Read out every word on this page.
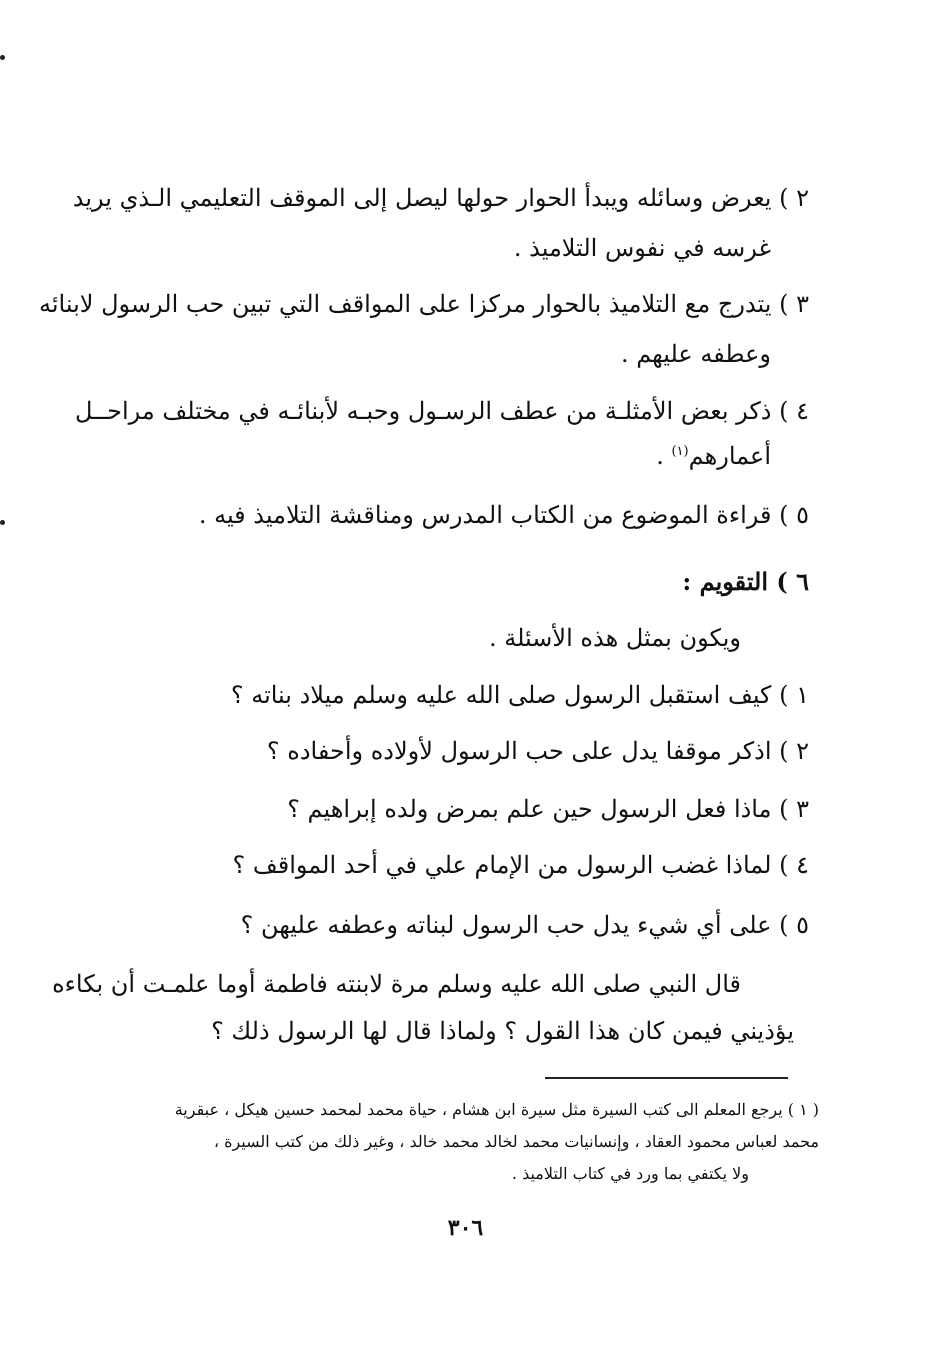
٢ ) يعرض وسائله ويبدأ الحوار حولها ليصل إلى الموقف التعليمي الـذي يريد
غرسه في نفوس التلاميذ .
٣ ) يتدرج مع التلاميذ بالحوار مركزا على المواقف التي تبين حب الرسول لابنائه
وعطفه عليهم .
٤ ) ذكر بعض الأمثلـة من عطف الرسـول وحبـه لأبنائـه في مختلف مراحــل
أعمارهم$^{(١)}$ .
٥ ) قراءة الموضوع من الكتاب المدرس ومناقشة التلاميذ فيه .
٦ ) التقويم :
ويكون بمثل هذه الأسئلة .
١ ) كيف استقبل الرسول صلى الله عليه وسلم ميلاد بناته ؟
٢ ) اذكر موقفا يدل على حب الرسول لأولاده وأحفاده ؟
٣ ) ماذا فعل الرسول حين علم بمرض ولده إبراهيم ؟
٤ ) لماذا غضب الرسول من الإمام علي في أحد المواقف ؟
٥ ) على أي شيء يدل حب الرسول لبناته وعطفه عليهن ؟
قال النبي صلى الله عليه وسلم مرة لابنته فاطمة أوما علمـت أن بكاءه
يؤذيني فيمن كان هذا القول ؟ ولماذا قال لها الرسول ذلك ؟
( ١ ) يرجع المعلم الى كتب السيرة مثل سيرة ابن هشام ، حياة محمد لمحمد حسين هيكل ، عبقرية
محمد لعباس محمود العقاد ، وإنسانيات محمد لخالد محمد خالد ، وغير ذلك من كتب السيرة ،
ولا يكتفي بما ورد في كتاب التلاميذ .
٣٠٦
